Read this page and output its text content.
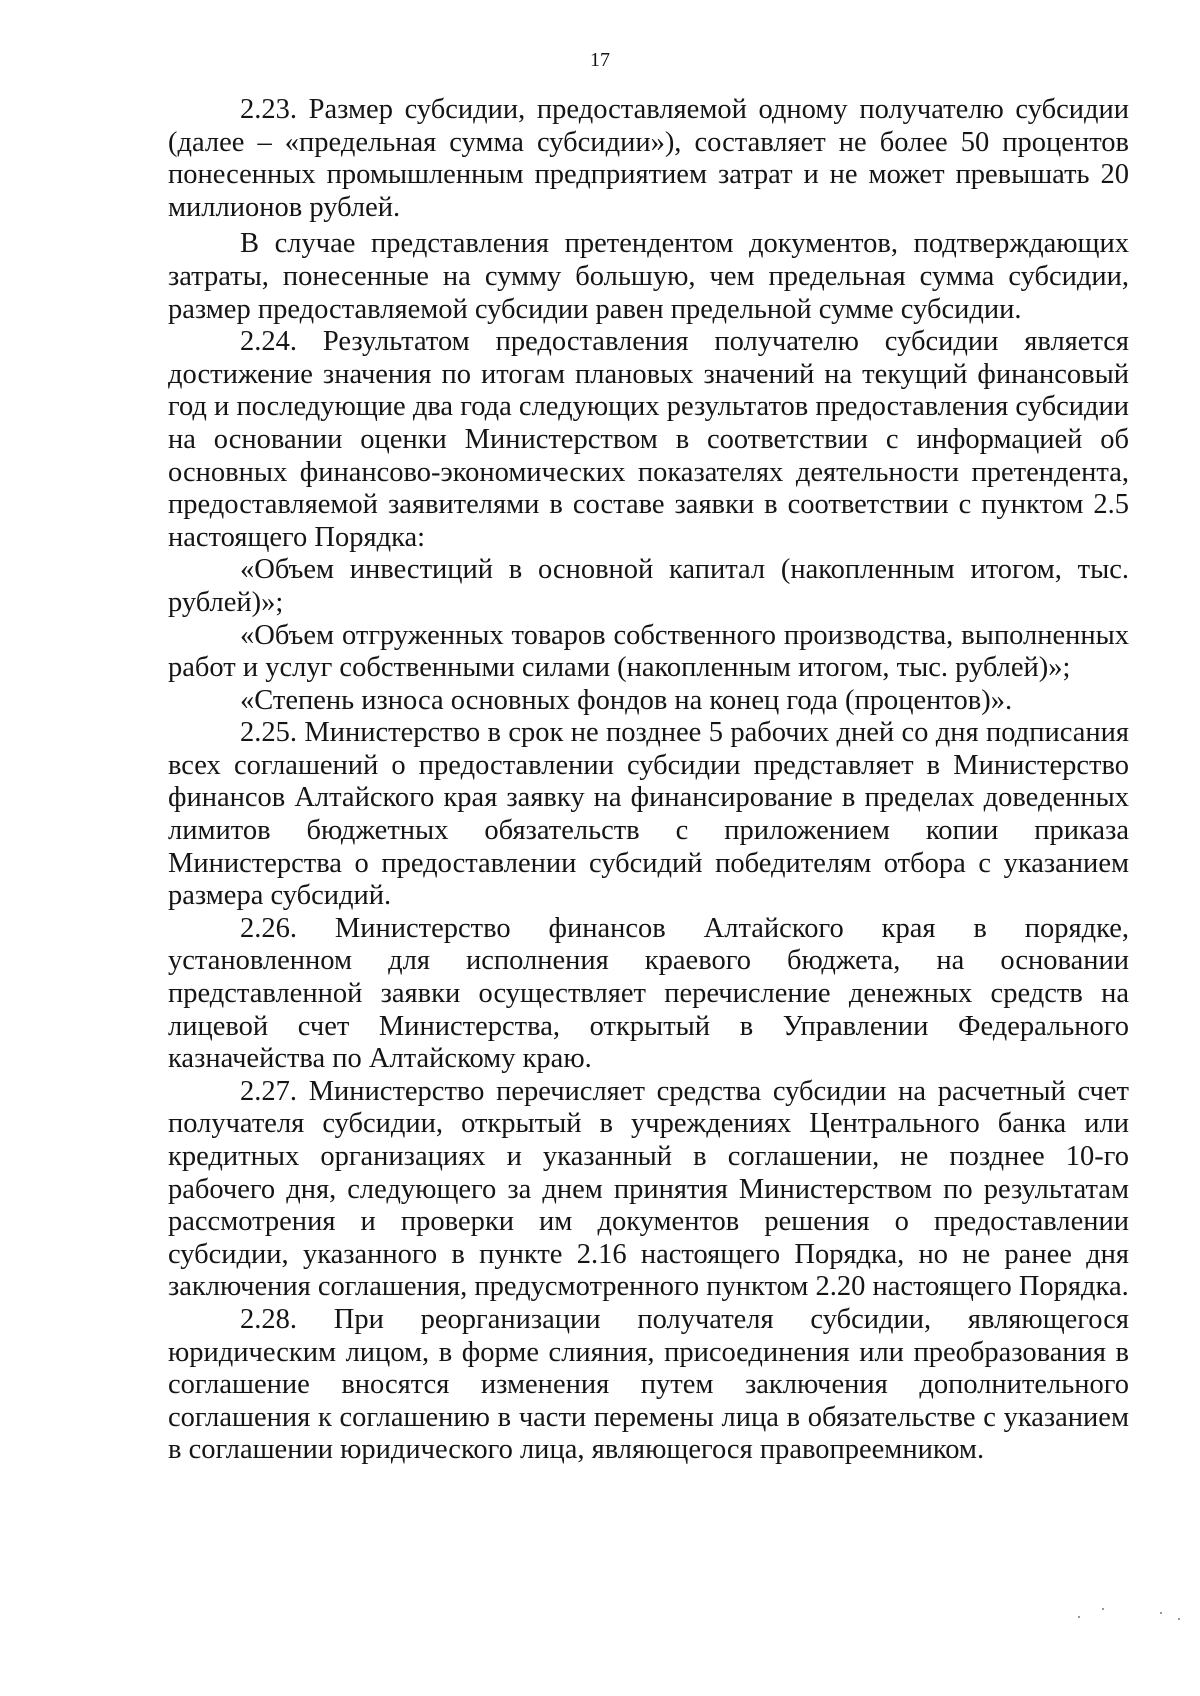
17

2.23. Размер субсидии, предоставляемой одному получателю субсидии (далее – «предельная сумма субсидии»), составляет не более 50 процентов понесенных промышленным предприятием затрат и не может превышать 20 миллионов рублей.

В случае представления претендентом документов, подтверждающих затраты, понесенные на сумму большую, чем предельная сумма субсидии, размер предоставляемой субсидии равен предельной сумме субсидии.

2.24. Результатом предоставления получателю субсидии является достижение значения по итогам плановых значений на текущий финансовый год и последующие два года следующих результатов предоставления субсидии на основании оценки Министерством в соответствии с информацией об основных финансово-экономических показателях деятельности претендента, предоставляемой заявителями в составе заявки в соответствии с пунктом 2.5 настоящего Порядка:

«Объем инвестиций в основной капитал (накопленным итогом, тыс. рублей)»;

«Объем отгруженных товаров собственного производства, выполненных работ и услуг собственными силами (накопленным итогом, тыс. рублей)»;

«Степень износа основных фондов на конец года (процентов)».

2.25. Министерство в срок не позднее 5 рабочих дней со дня подписания всех соглашений о предоставлении субсидии представляет в Министерство финансов Алтайского края заявку на финансирование в пределах доведенных лимитов бюджетных обязательств с приложением копии приказа Министерства о предоставлении субсидий победителям отбора с указанием размера субсидий.

2.26. Министерство финансов Алтайского края в порядке, установленном для исполнения краевого бюджета, на основании представленной заявки осуществляет перечисление денежных средств на лицевой счет Министерства, открытый в Управлении Федерального казначейства по Алтайскому краю.

2.27. Министерство перечисляет средства субсидии на расчетный счет получателя субсидии, открытый в учреждениях Центрального банка или кредитных организациях и указанный в соглашении, не позднее 10-го рабочего дня, следующего за днем принятия Министерством по результатам рассмотрения и проверки им документов решения о предоставлении субсидии, указанного в пункте 2.16 настоящего Порядка, но не ранее дня заключения соглашения, предусмотренного пунктом 2.20 настоящего Порядка.

2.28. При реорганизации получателя субсидии, являющегося юридическим лицом, в форме слияния, присоединения или преобразования в соглашение вносятся изменения путем заключения дополнительного соглашения к соглашению в части перемены лица в обязательстве с указанием в соглашении юридического лица, являющегося правопреемником.
